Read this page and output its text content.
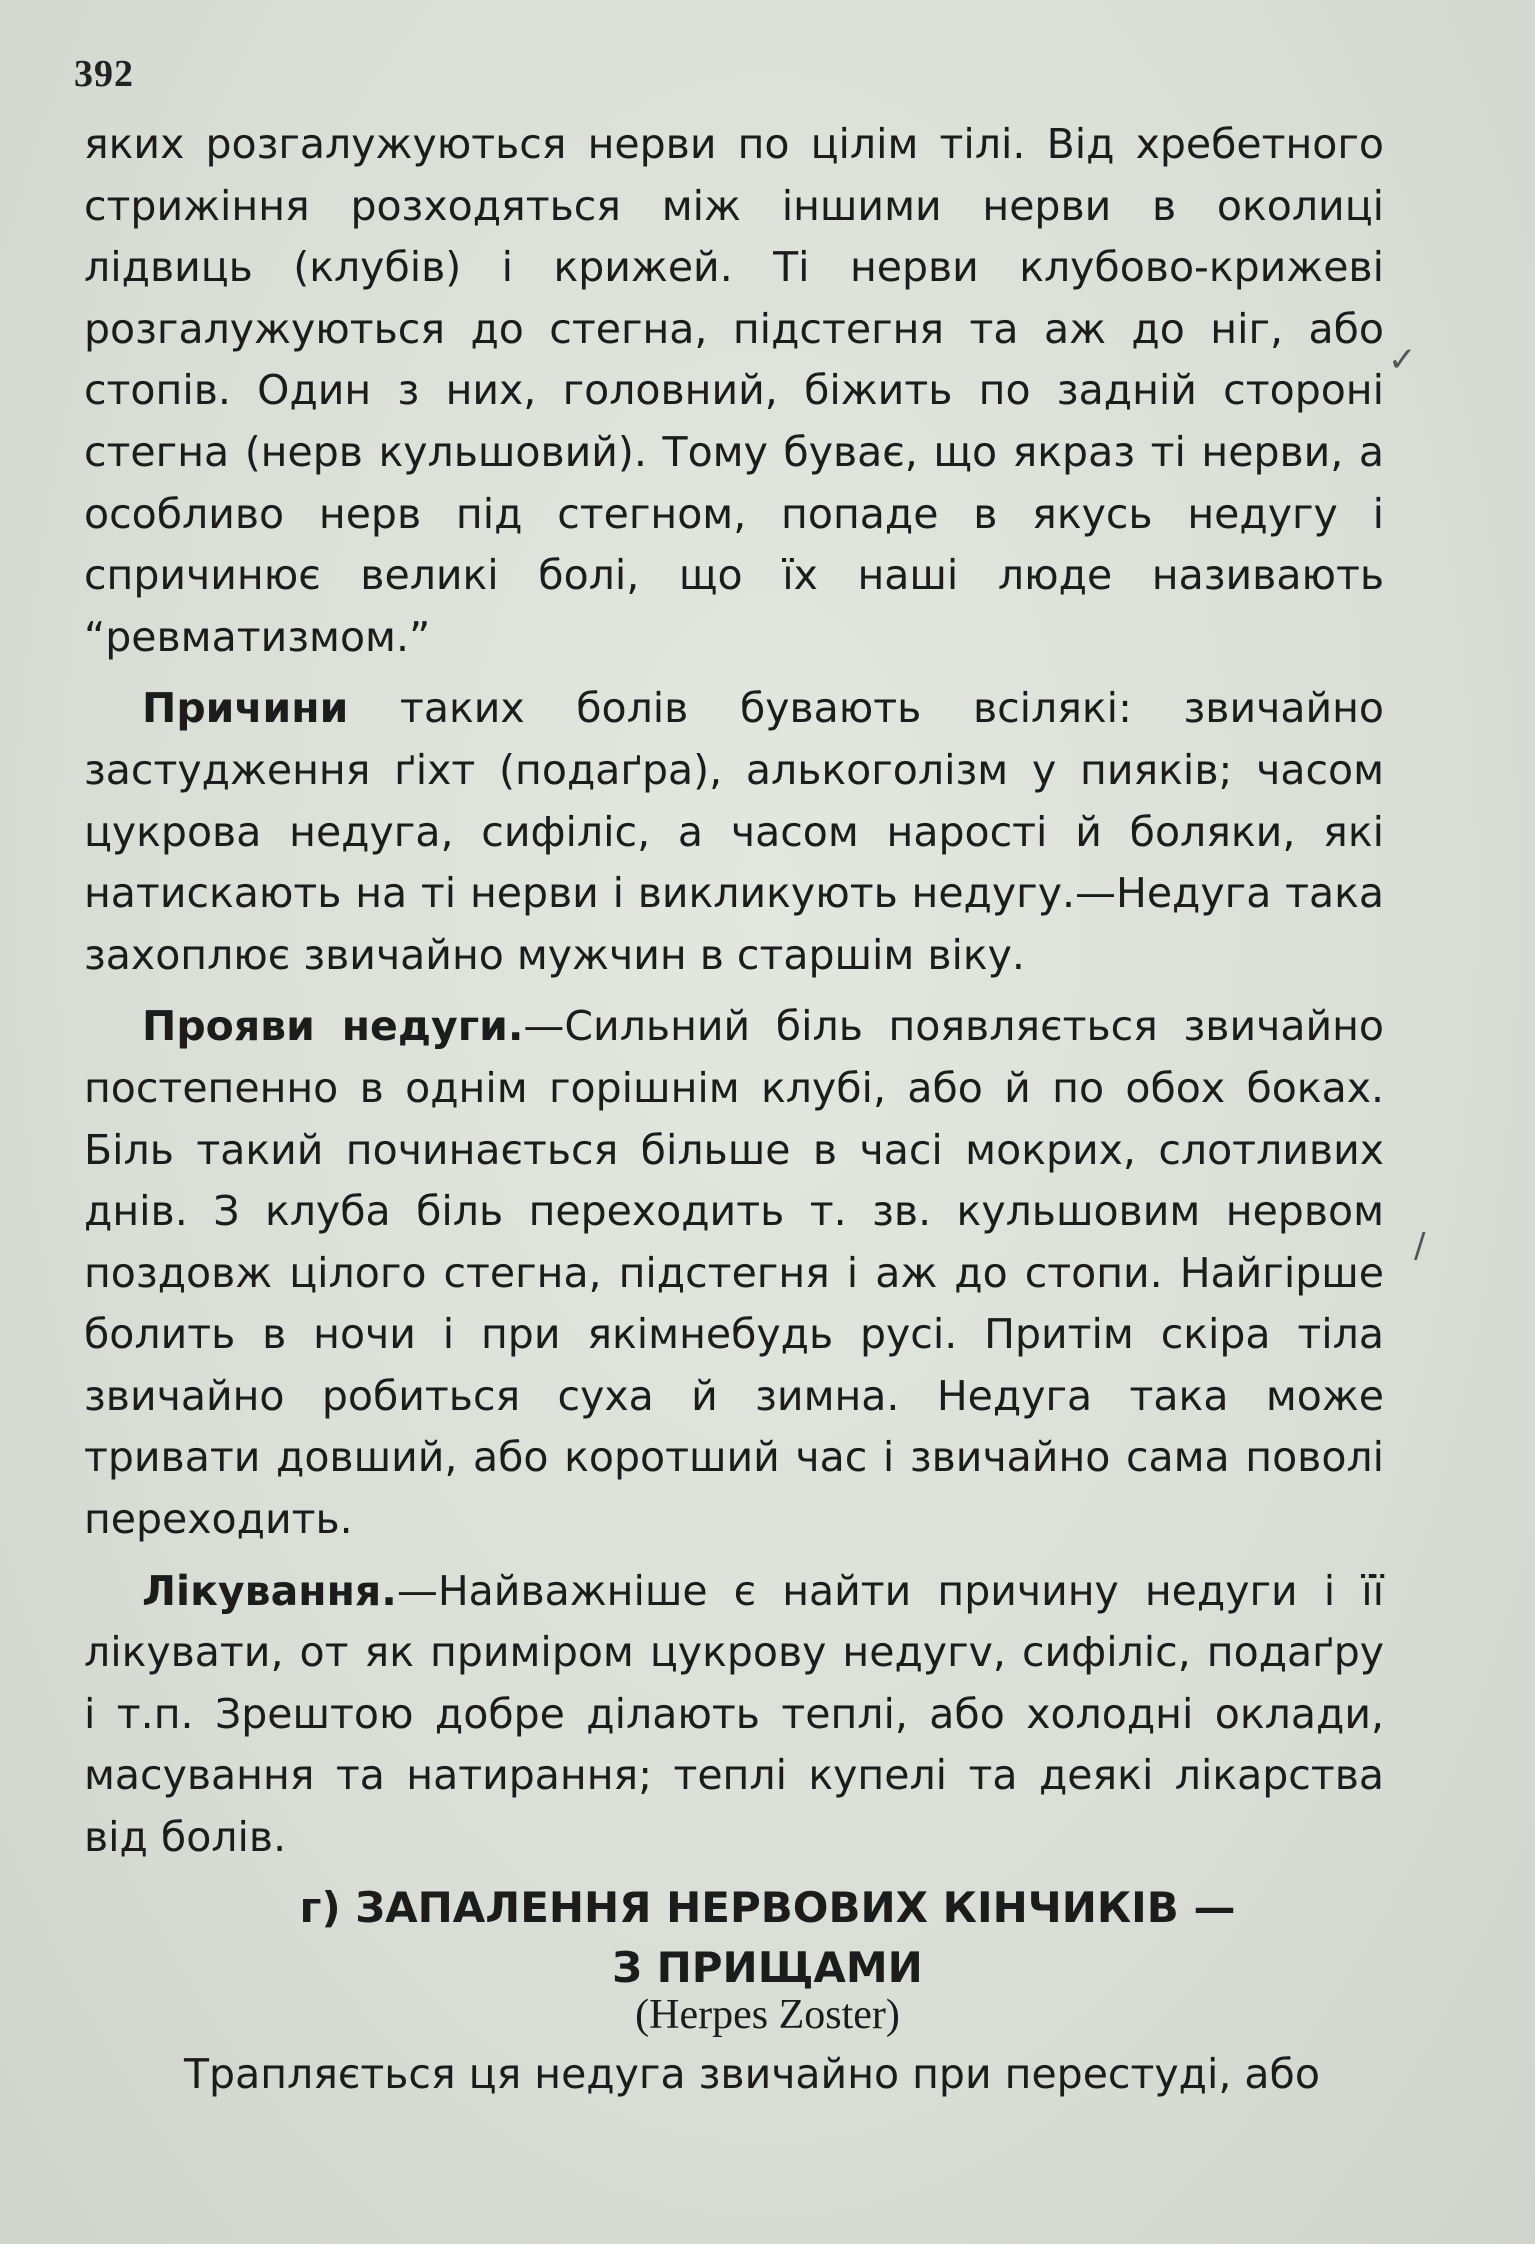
392

яких розгалужуються нерви по цілім тілі. Від хребетного стрижіння розходяться між іншими нерви в околиці лідвиць (клубів) і крижей. Ті нерви клубово-крижеві розгалужуються до стегна, підстегня та аж до ніг, або стопів. Один з них, головний, біжить по задній стороні стегна (нерв кульшовий). Тому буває, що якраз ті нерви, а особливо нерв під стегном, попаде в якусь недугу і спричинює великі болі, що їх наші люде називають “ревматизмом.”

Причини таких болів бувають всілякі: звичайно застудження ґіхт (подаґра), алькоголізм у пияків; часом цукрова недуга, сифіліс, а часом наростi й боляки, які натискають на ті нерви і викликують недугу.—Недуга така захоплює звичайно мужчин в старшім віку.

Прояви недуги.—Сильний біль появляється звичайно постепенно в однім горішнім клубі, або й по обох боках. Біль такий починається більше в часі мокрих, слотливих днів. З клуба біль переходить т. зв. кульшовим нервом поздовж цілого стегна, підстегня і аж до стопи. Найгірше болить в ночи і при якімнебудь русі. Притім скіра тіла звичайно робиться суха й зимна. Недуга така може тривати довший, або коротший час і звичайно сама поволі переходить.

Лікування.—Найважніше є найти причину недуги і її лікувати, от як приміром цукрову недугv, сифіліс, подаґру і т.п. Зрештою добре ділають теплі, або холодні оклади, масування та натирання; теплі купелі та деякі лікарства від болів.

г) ЗАПАЛЕННЯ НЕРВОВИХ КІНЧИКІВ —
З ПРИЩАМИ
(Herpes Zoster)
Трапляється ця недуга звичайно при перестуді, або
✓
/
